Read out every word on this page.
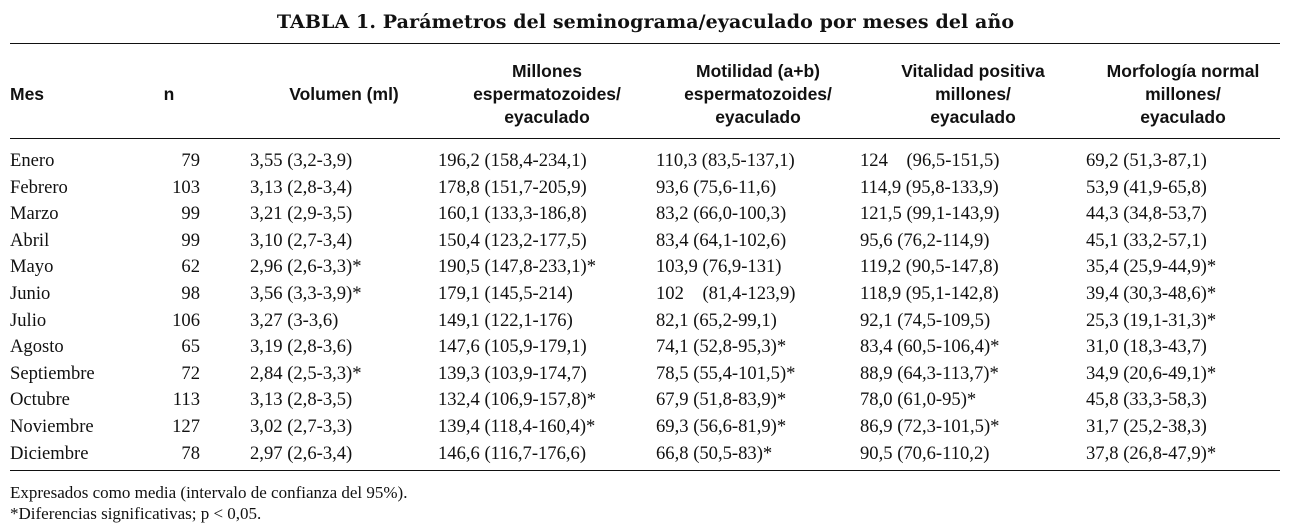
TABLA 1. Parámetros del seminograma/eyaculado por meses del año
Mes	n		Volumen (ml)	Millones
espermatozoides/
eyaculado	Motilidad (a+b)
espermatozoides/
eyaculado	Vitalidad positiva
millones/
eyaculado	Morfología normal
millones/
eyaculado
Enero	79		3,55 (3,2-3,9)	196,2 (158,4-234,1)	110,3 (83,5-137,1)	124    (96,5-151,5)	69,2 (51,3-87,1)
Febrero	103		3,13 (2,8-3,4)	178,8 (151,7-205,9)	93,6 (75,6-11,6)	114,9 (95,8-133,9)	53,9 (41,9-65,8)
Marzo	99		3,21 (2,9-3,5)	160,1 (133,3-186,8)	83,2 (66,0-100,3)	121,5 (99,1-143,9)	44,3 (34,8-53,7)
Abril	99		3,10 (2,7-3,4)	150,4 (123,2-177,5)	83,4 (64,1-102,6)	95,6 (76,2-114,9)	45,1 (33,2-57,1)
Mayo	62		2,96 (2,6-3,3)*	190,5 (147,8-233,1)*	103,9 (76,9-131)	119,2 (90,5-147,8)	35,4 (25,9-44,9)*
Junio	98		3,56 (3,3-3,9)*	179,1 (145,5-214)	102    (81,4-123,9)	118,9 (95,1-142,8)	39,4 (30,3-48,6)*
Julio	106		3,27 (3-3,6)	149,1 (122,1-176)	82,1 (65,2-99,1)	92,1 (74,5-109,5)	25,3 (19,1-31,3)*
Agosto	65		3,19 (2,8-3,6)	147,6 (105,9-179,1)	74,1 (52,8-95,3)*	83,4 (60,5-106,4)*	31,0 (18,3-43,7)
Septiembre	72		2,84 (2,5-3,3)*	139,3 (103,9-174,7)	78,5 (55,4-101,5)*	88,9 (64,3-113,7)*	34,9 (20,6-49,1)*
Octubre	113		3,13 (2,8-3,5)	132,4 (106,9-157,8)*	67,9 (51,8-83,9)*	78,0 (61,0-95)*	45,8 (33,3-58,3)
Noviembre	127		3,02 (2,7-3,3)	139,4 (118,4-160,4)*	69,3 (56,6-81,9)*	86,9 (72,3-101,5)*	31,7 (25,2-38,3)
Diciembre	78		2,97 (2,6-3,4)	146,6 (116,7-176,6)	66,8 (50,5-83)*	90,5 (70,6-110,2)	37,8 (26,8-47,9)*
Expresados como media (intervalo de confianza del 95%).
*Diferencias significativas; p < 0,05.
